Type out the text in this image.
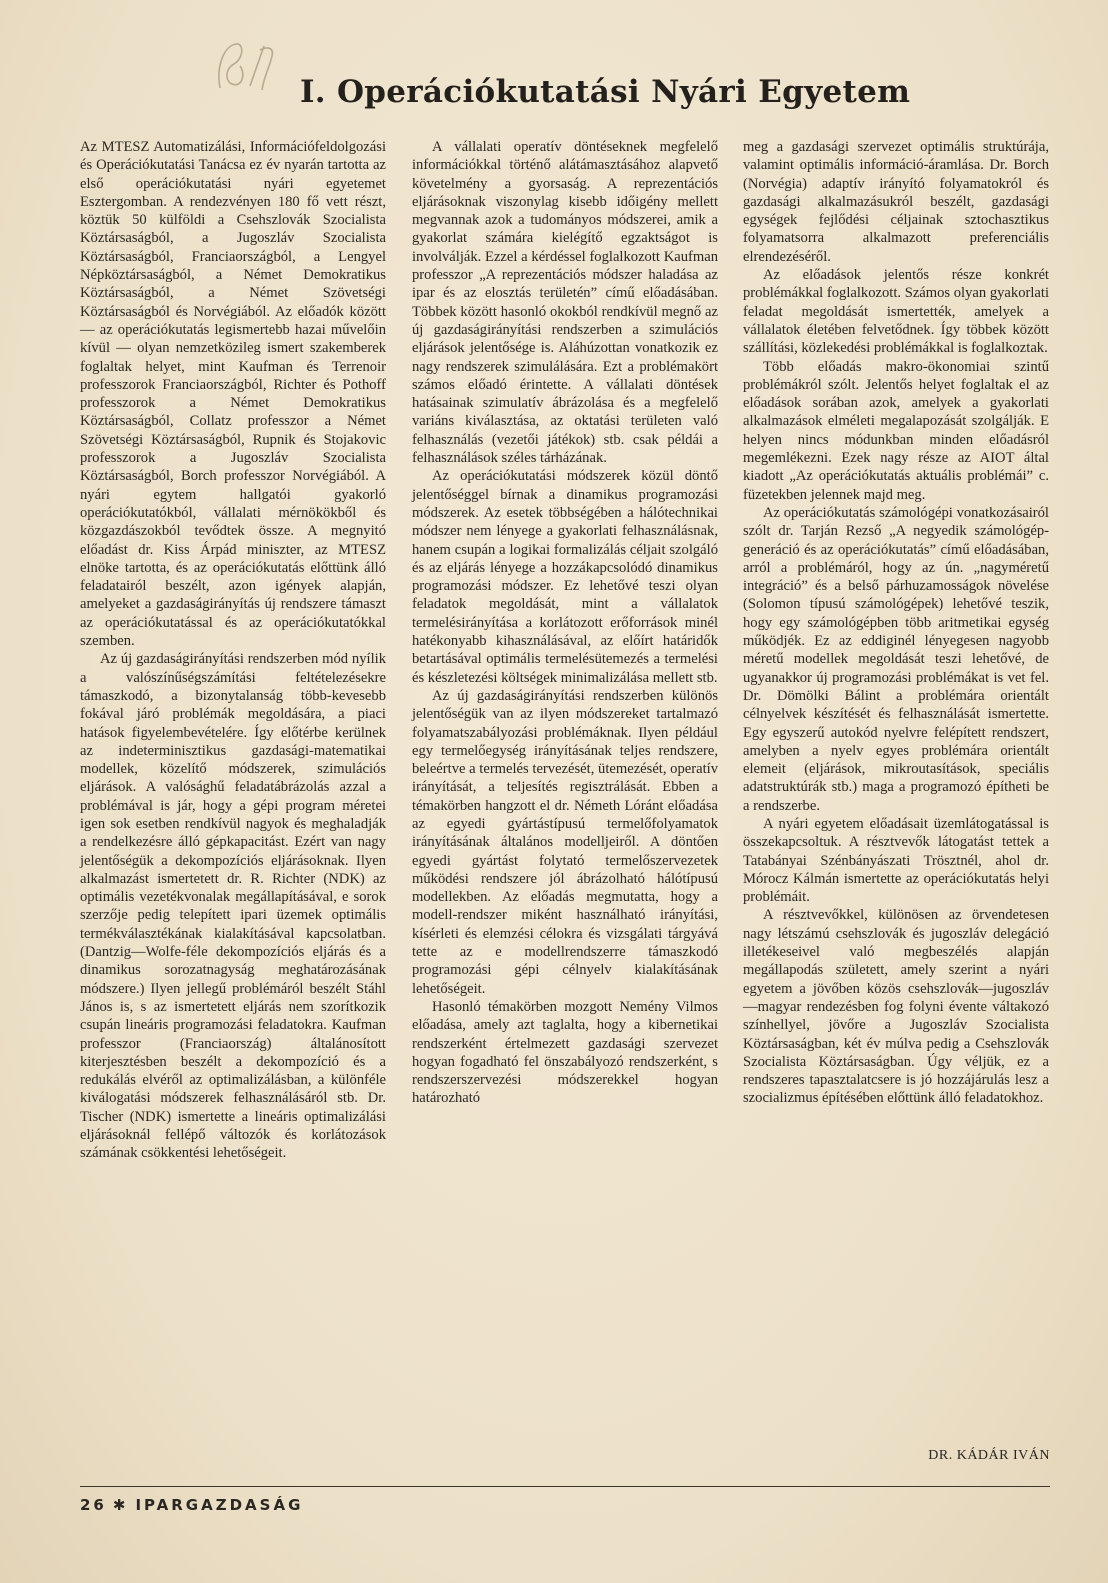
I. Operációkutatási Nyári Egyetem

Az MTESZ Automatizálási, Információfeldolgozási és Operációkutatási Tanácsa ez év nyarán tartotta az első operációkutatási nyári egyetemet Esztergomban. A rendezvényen 180 fő vett részt, köztük 50 külföldi a Csehszlovák Szocialista Köztársaságból, a Jugoszláv Szocialista Köztársaságból, Franciaországból, a Lengyel Népköztársaságból, a Német Demokratikus Köztársaságból, a Német Szövetségi Köztársaságból és Norvégiából. Az előadók között — az operációkutatás legismertebb hazai művelőin kívül — olyan nemzetközileg ismert szakemberek foglaltak helyet, mint Kaufman és Terrenoir professzorok Franciaországból, Richter és Pothoff professzorok a Német Demokratikus Köztársaságból, Collatz professzor a Német Szövetségi Köztársaságból, Rupnik és Stojakovic professzorok a Jugoszláv Szocialista Köztársaságból, Borch professzor Norvégiából. A nyári egytem hallgatói gyakorló operációkutatókból, vállalati mérnökökből és közgazdászokból tevődtek össze. A megnyitó előadást dr. Kiss Árpád miniszter, az MTESZ elnöke tartotta, és az operációkutatás előttünk álló feladatairól beszélt, azon igények alapján, amelyeket a gazdaságirányítás új rendszere támaszt az operációkutatással és az operációkutatókkal szemben.

Az új gazdaságirányítási rendszerben mód nyílik a valószínűségszámítási feltételezésekre támaszkodó, a bizonytalanság több-kevesebb fokával járó problémák megoldására, a piaci hatások figyelembevételére. Így előtérbe kerülnek az indeterminisztikus gazdasági-matematikai modellek, közelítő módszerek, szimulációs eljárások. A valósághű feladatábrázolás azzal a problémával is jár, hogy a gépi program méretei igen sok esetben rendkívül nagyok és meghaladják a rendelkezésre álló gépkapacitást. Ezért van nagy jelentőségük a dekompozíciós eljárásoknak. Ilyen alkalmazást ismertetett dr. R. Richter (NDK) az optimális vezetékvonalak megállapításával, e sorok szerzője pedig telepített ipari üzemek optimális termékválasztékának kialakításával kapcsolatban. (Dantzig—Wolfe-féle dekompozíciós eljárás és a dinamikus sorozatnagyság meghatározásának módszere.) Ilyen jellegű problémáról beszélt Stáhl János is, s az ismertetett eljárás nem szorítkozik csupán lineáris programozási feladatokra. Kaufman professzor (Franciaország) általánosított kiterjesztésben beszélt a dekompozíció és a redukálás elvéről az optimalizálásban, a különféle kiválogatási módszerek felhasználásáról stb. Dr. Tischer (NDK) ismertette a lineáris optimalizálási eljárásoknál fellépő változók és korlátozások számának csökkentési lehetőségeit.

A vállalati operatív döntéseknek megfelelő információkkal történő alátámasztásához alapvető követelmény a gyorsaság. A reprezentációs eljárásoknak viszonylag kisebb időigény mellett megvannak azok a tudományos módszerei, amik a gyakorlat számára kielégítő egzaktságot is involválják. Ezzel a kérdéssel foglalkozott Kaufman professzor „A reprezentációs módszer haladása az ipar és az elosztás területén” című előadásában. Többek között hasonló okokból rendkívül megnő az új gazdaságirányítási rendszerben a szimulációs eljárások jelentősége is. Aláhúzottan vonatkozik ez nagy rendszerek szimulálására. Ezt a problémakört számos előadó érintette. A vállalati döntések hatásainak szimulatív ábrázolása és a megfelelő variáns kiválasztása, az oktatási területen való felhasználás (vezetői játékok) stb. csak példái a felhasználások széles tárházának.

Az operációkutatási módszerek közül döntő jelentőséggel bírnak a dinamikus programozási módszerek. Az esetek többségében a hálótechnikai módszer nem lényege a gyakorlati felhasználásnak, hanem csupán a logikai formalizálás céljait szolgáló és az eljárás lényege a hozzákapcsolódó dinamikus programozási módszer. Ez lehetővé teszi olyan feladatok megoldását, mint a vállalatok termelésirányítása a korlátozott erőforrások minél hatékonyabb kihasználásával, az előírt határidők betartásával optimális termelésütemezés a termelési és készletezési költségek minimalizálása mellett stb.

Az új gazdaságirányítási rendszerben különös jelentőségük van az ilyen módszereket tartalmazó folyamatszabályozási problémáknak. Ilyen például egy termelőegység irányításának teljes rendszere, beleértve a termelés tervezését, ütemezését, operatív irányítását, a teljesítés regisztrálását. Ebben a témakörben hangzott el dr. Németh Lóránt előadása az egyedi gyártástípusú termelőfolyamatok irányításának általános modelljeiről. A döntően egyedi gyártást folytató termelőszervezetek működési rendszere jól ábrázolható hálótípusú modellekben. Az előadás megmutatta, hogy a modell-rendszer miként használható irányítási, kísérleti és elemzési célokra és vizsgálati tárgyává tette az e modellrendszerre támaszkodó programozási gépi célnyelv kialakításának lehetőségeit.

Hasonló témakörben mozgott Nemény Vilmos előadása, amely azt taglalta, hogy a kibernetikai rendszerként értelmezett gazdasági szervezet hogyan fogadható fel önszabályozó rendszerként, s rendszerszervezési módszerekkel hogyan határozható

meg a gazdasági szervezet optimális struktúrája, valamint optimális információ-áramlása. Dr. Borch (Norvégia) adaptív irányító folyamatokról és gazdasági alkalmazásukról beszélt, gazdasági egységek fejlődési céljainak sztochasztikus folyamatsorra alkalmazott preferenciális elrendezéséről.

Az előadások jelentős része konkrét problémákkal foglalkozott. Számos olyan gyakorlati feladat megoldását ismertették, amelyek a vállalatok életében felvetődnek. Így többek között szállítási, közlekedési problémákkal is foglalkoztak.

Több előadás makro-ökonomiai szintű problémákról szólt. Jelentős helyet foglaltak el az előadások sorában azok, amelyek a gyakorlati alkalmazások elméleti megalapozását szolgálják. E helyen nincs módunkban minden előadásról megemlékezni. Ezek nagy része az AIOT által kiadott „Az operációkutatás aktuális problémái” c. füzetekben jelennek majd meg.

Az operációkutatás számológépi vonatkozásairól szólt dr. Tarján Rezső „A negyedik számológép-generáció és az operációkutatás” című előadásában, arról a problémáról, hogy az ún. „nagyméretű integráció” és a belső párhuzamosságok növelése (Solomon típusú számológépek) lehetővé teszik, hogy egy számológépben több aritmetikai egység működjék. Ez az eddiginél lényegesen nagyobb méretű modellek megoldását teszi lehetővé, de ugyanakkor új programozási problémákat is vet fel. Dr. Dömölki Bálint a problémára orientált célnyelvek készítését és felhasználását ismertette. Egy egyszerű autokód nyelvre felépített rendszert, amelyben a nyelv egyes problémára orientált elemeit (eljárások, mikroutasítások, speciális adatstruktúrák stb.) maga a programozó építheti be a rendszerbe.

A nyári egyetem előadásait üzemlátogatással is összekapcsoltuk. A résztvevők látogatást tettek a Tatabányai Szénbányászati Trösztnél, ahol dr. Mórocz Kálmán ismertette az operációkutatás helyi problémáit.

A résztvevőkkel, különösen az örvendetesen nagy létszámú csehszlovák és jugoszláv delegáció illetékeseivel való megbeszélés alapján megállapodás született, amely szerint a nyári egyetem a jövőben közös csehszlovák—jugoszláv—magyar rendezésben fog folyni évente váltakozó színhellyel, jövőre a Jugoszláv Szocialista Köztársaságban, két év múlva pedig a Csehszlovák Szocialista Köztársaságban. Úgy véljük, ez a rendszeres tapasztalatcsere is jó hozzájárulás lesz a szocializmus építésében előttünk álló feladatokhoz.

DR. KÁDÁR IVÁN
26 ✱ IPARGAZDASÁG
